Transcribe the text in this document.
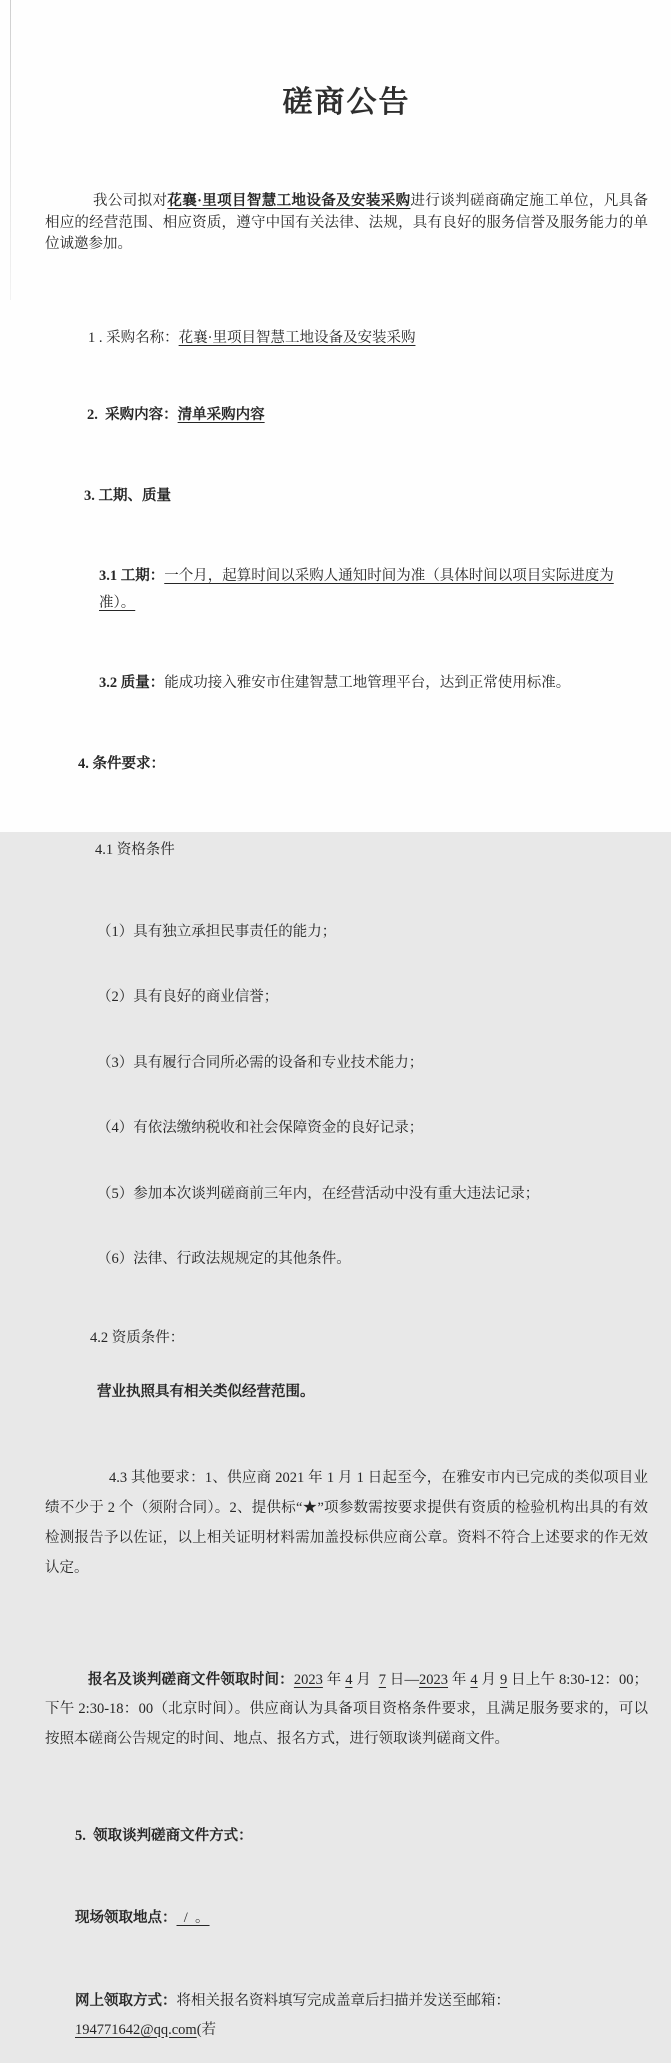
磋商公告

我公司拟对花襄·里项目智慧工地设备及安装采购进行谈判磋商确定施工单位，凡具备相应的经营范围、相应资质，遵守中国有关法律、法规，具有良好的服务信誉及服务能力的单位诚邀参加。

1 . 采购名称：花襄·里项目智慧工地设备及安装采购

2.  采购内容：清单采购内容

3. 工期、质量

3.1 工期：一个月，起算时间以采购人通知时间为准（具体时间以项目实际进度为准）。

3.2 质量：能成功接入雅安市住建智慧工地管理平台，达到正常使用标准。

4. 条件要求：

4.1 资格条件

（1）具有独立承担民事责任的能力；

（2）具有良好的商业信誉；

（3）具有履行合同所必需的设备和专业技术能力；

（4）有依法缴纳税收和社会保障资金的良好记录；

（5）参加本次谈判磋商前三年内，在经营活动中没有重大违法记录；

（6）法律、行政法规规定的其他条件。

4.2 资质条件：

营业执照具有相关类似经营范围。

4.3 其他要求：1、供应商 2021 年 1 月 1 日起至今，在雅安市内已完成的类似项目业绩不少于 2 个（须附合同）。2、提供标“★”项参数需按要求提供有资质的检验机构出具的有效检测报告予以佐证，以上相关证明材料需加盖投标供应商公章。资料不符合上述要求的作无效认定。

报名及谈判磋商文件领取时间：2023 年 4 月  7 日—2023 年 4 月 9 日上午 8:30-12：00；下午 2:30-18：00（北京时间）。供应商认为具备项目资格条件要求，且满足服务要求的，可以按照本磋商公告规定的时间、地点、报名方式，进行领取谈判磋商文件。

5.  领取谈判磋商文件方式：

现场领取地点：  /  。

网上领取方式：将相关报名资料填写完成盖章后扫描并发送至邮箱：194771642@qq.com(若
